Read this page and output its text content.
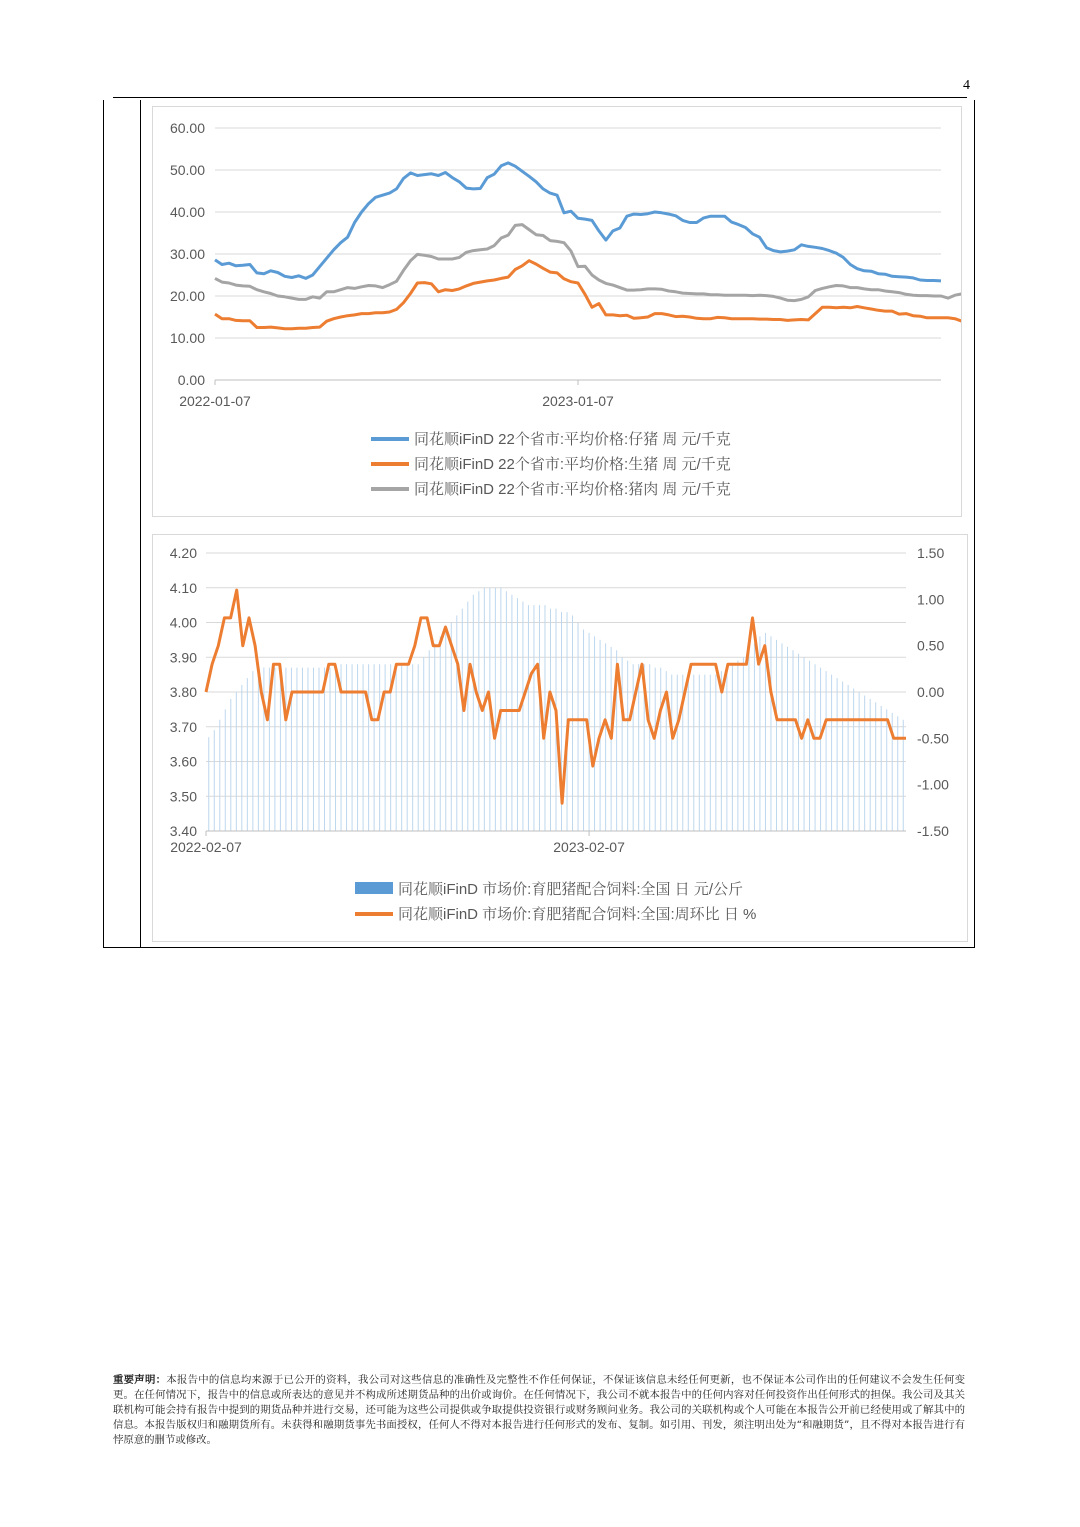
4
60.00
50.00
40.00
30.00
20.00
10.00
0.00
2022-01-07	2023-01-07
同花顺iFinD 22个省市:平均价格:仔猪 周 元/千克
同花顺iFinD 22个省市:平均价格:生猪 周 元/千克
同花顺iFinD 22个省市:平均价格:猪肉 周 元/千克
4.20
4.10
4.00
3.90
3.80
3.70
3.60
3.50
3.40
1.50
1.00
0.50
0.00
-0.50
-1.00
-1.50
2022-02-07	2023-02-07
同花顺iFinD 市场价:育肥猪配合饲料:全国 日 元/公斤
同花顺iFinD 市场价:育肥猪配合饲料:全国:周环比 日 %
重要声明：本报告中的信息均来源于已公开的资料，我公司对这些信息的准确性及完整性不作任何保证，不保证该信息未经任何更新，也不保证本公司作出的任何建议不会发生任何变更。在任何情况下，报告中的信息或所表达的意见并不构成所述期货品种的出价或询价。在任何情况下，我公司不就本报告中的任何内容对任何投资作出任何形式的担保。我公司及其关联机构可能会持有报告中提到的期货品种并进行交易，还可能为这些公司提供或争取提供投资银行或财务顾问业务。我公司的关联机构或个人可能在本报告公开前已经使用或了解其中的信息。本报告版权归和融期货所有。未获得和融期货事先书面授权，任何人不得对本报告进行任何形式的发布、复制。如引用、刊发，须注明出处为“和融期货”，且不得对本报告进行有悖原意的删节或修改。
